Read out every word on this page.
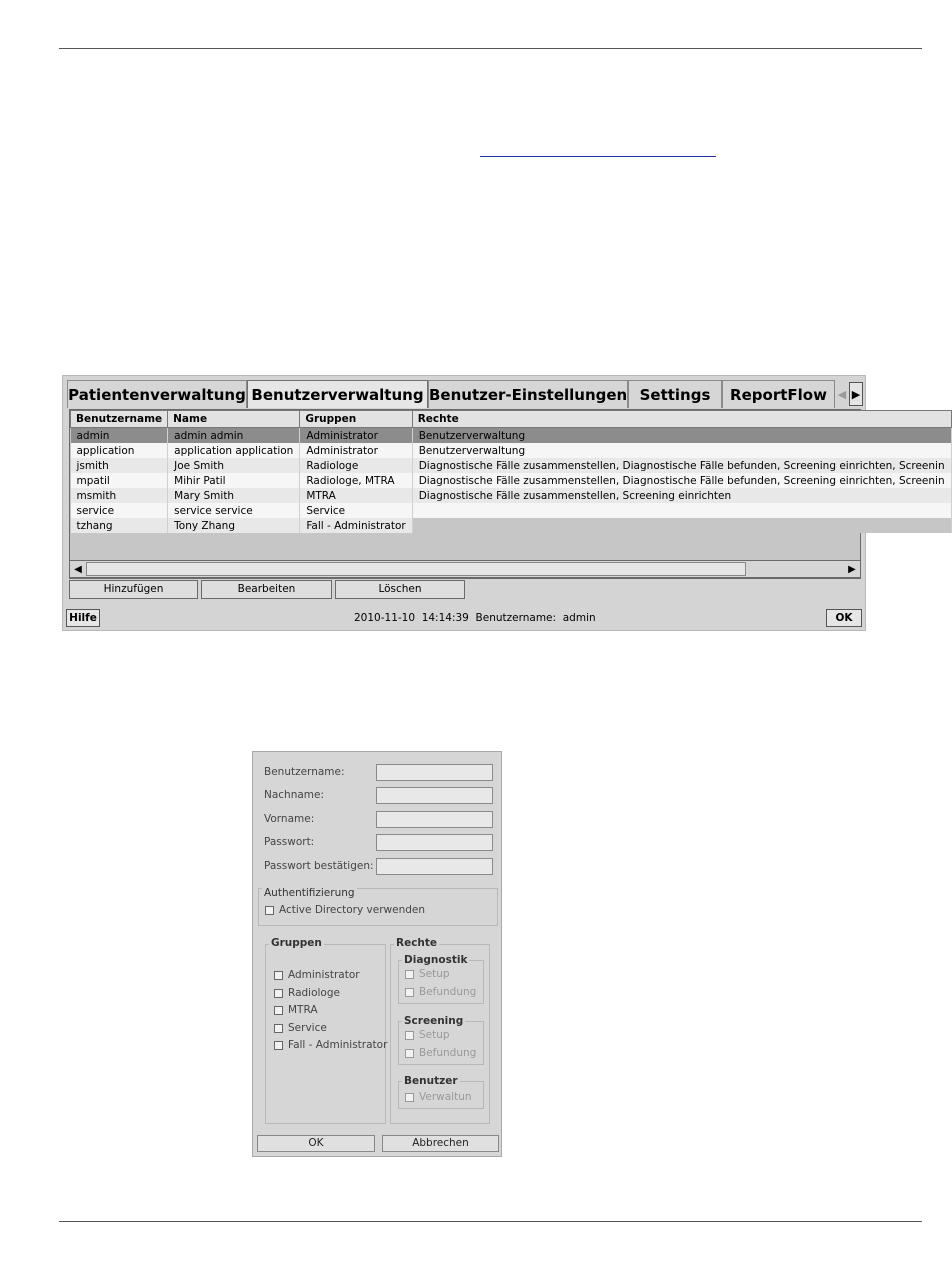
Patientenverwaltung Benutzerverwaltung Benutzer-Einstellungen Settings	ReportFlow ◀ ▶
Benutzername	Name	Gruppen	Rechte
admin	admin admin	Administrator	Benutzerverwaltung
application	application application	Administrator	Benutzerverwaltung
jsmith	Joe Smith	Radiologe	Diagnostische Fälle zusammenstellen, Diagnostische Fälle befunden, Screening einrichten, Screenin
mpatil	Mihir Patil	Radiologe, MTRA	Diagnostische Fälle zusammenstellen, Diagnostische Fälle befunden, Screening einrichten, Screenin
msmith	Mary Smith	MTRA	Diagnostische Fälle zusammenstellen, Screening einrichten
service	service service	Service	
tzhang	Tony Zhang	Fall - Administrator	
◀	▶
Hinzufügen	Bearbeiten	Löschen
Hilfe	2010-11-10  14:14:39 Benutzername: admin	OK
Benutzername:
Nachname:
Vorname:
Passwort:
Passwort bestätigen:
Authentifizierung
Active Directory verwenden
Gruppen
Administrator
Radiologe
MTRA
Service
Fall - Administrator
Rechte
Diagnostik
Setup
Befundung
Screening
Setup
Befundung
Benutzer
Verwaltun
OK	Abbrechen
